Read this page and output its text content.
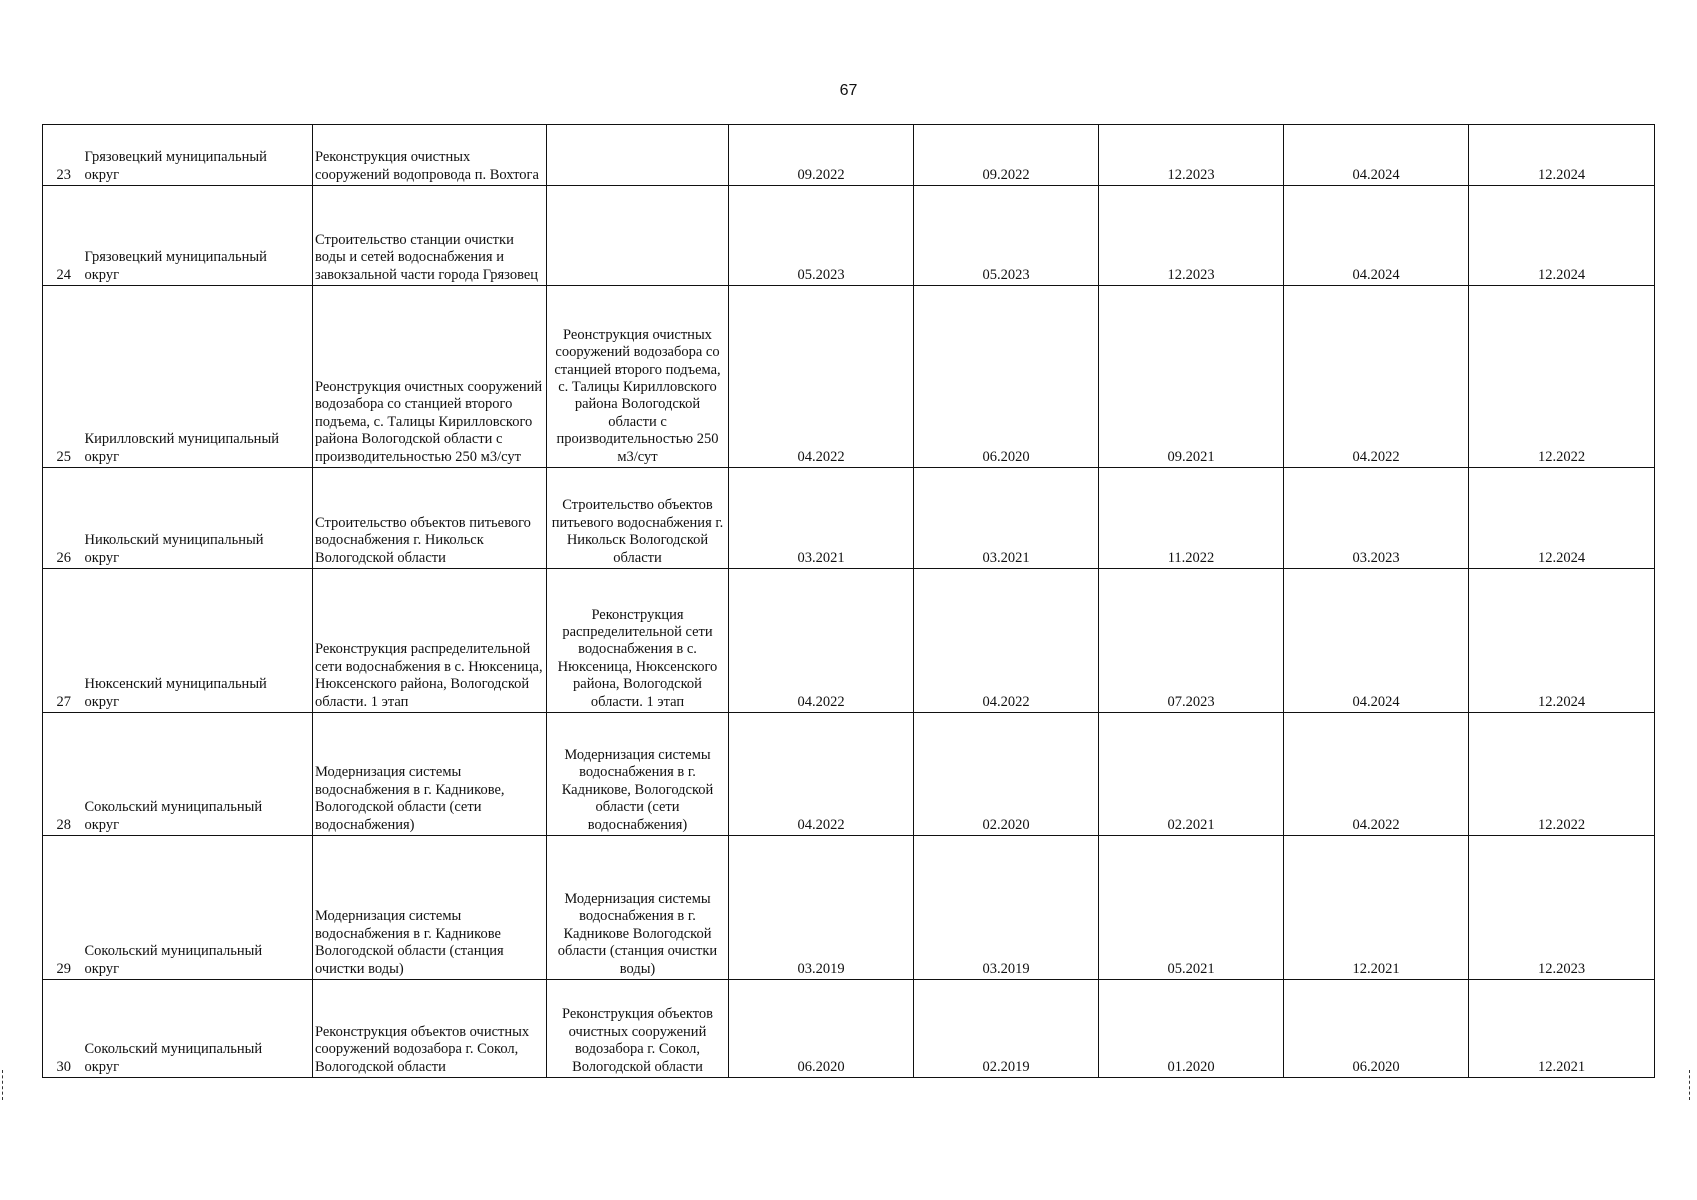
67
23	Грязовецкий муниципальный
округ	Реконструкция очистных сооружений водопровода п. Вохтога		09.2022	09.2022	12.2023	04.2024	12.2024
24	Грязовецкий муниципальный
округ	Строительство станции очистки воды и сетей водоснабжения и завокзальной части города Грязовец		05.2023	05.2023	12.2023	04.2024	12.2024
25	Кирилловский муниципальный
округ	Реонструкция очистных сооружений водозабора со станцией второго подъема, с. Талицы Кирилловского района Вологодской области с производительностью 250 м3/сут	Реонструкция очистных сооружений водозабора со станцией второго подъема, с. Талицы Кирилловского района Вологодской области с производительностью 250 м3/сут	04.2022	06.2020	09.2021	04.2022	12.2022
26	Никольский муниципальный
округ	Строительство объектов питьевого водоснабжения г. Никольск Вологодской области	Строительство объектов питьевого водоснабжения г. Никольск Вологодской области	03.2021	03.2021	11.2022	03.2023	12.2024
27	Нюксенский муниципальный
округ	Реконструкция распределительной сети водоснабжения в с. Нюксеница, Нюксенского района, Вологодской области. 1 этап	Реконструкция распределительной сети водоснабжения в с. Нюксеница, Нюксенского района, Вологодской области. 1 этап	04.2022	04.2022	07.2023	04.2024	12.2024
28	Сокольский муниципальный
округ	Модернизация системы водоснабжения в г. Кадникове, Вологодской области (сети водоснабжения)	Модернизация системы водоснабжения в г. Кадникове, Вологодской области (сети водоснабжения)	04.2022	02.2020	02.2021	04.2022	12.2022
29	Сокольский муниципальный
округ	Модернизация системы водоснабжения в г. Кадникове Вологодской области (станция очистки воды)	Модернизация системы водоснабжения в г. Кадникове Вологодской области (станция очистки воды)	03.2019	03.2019	05.2021	12.2021	12.2023
30	Сокольский муниципальный
округ	Реконструкция объектов очистных сооружений водозабора г. Сокол, Вологодской области	Реконструкция объектов очистных сооружений водозабора г. Сокол, Вологодской области	06.2020	02.2019	01.2020	06.2020	12.2021
